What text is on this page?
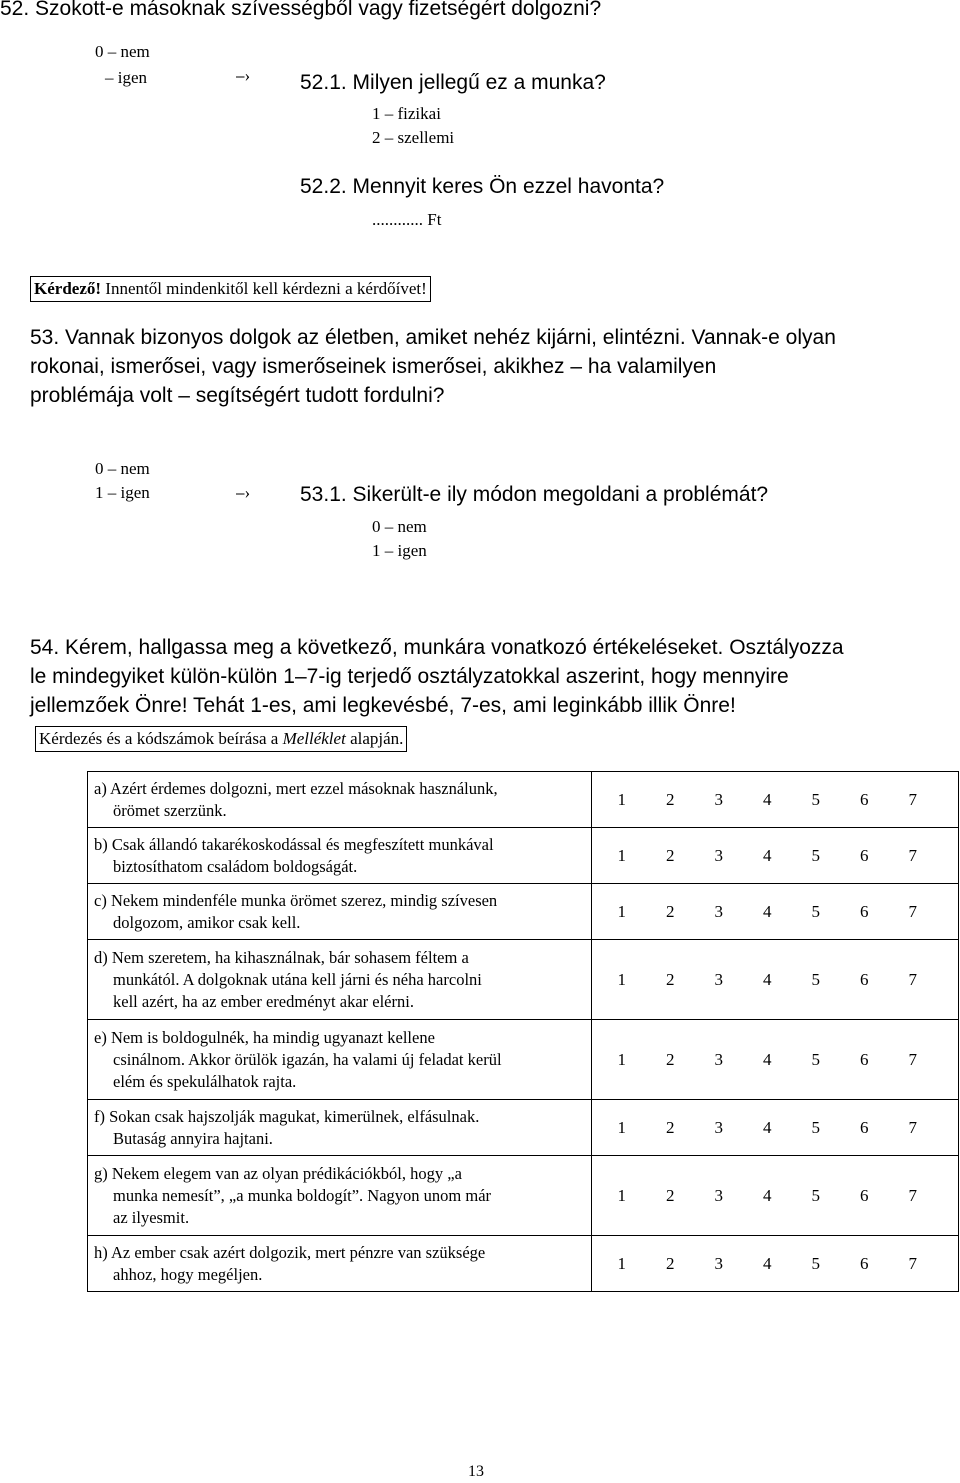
52. Szokott-e másoknak szívességből vagy fizetségért dolgozni?
0 – nem
– igen	⎯› 52.1. Milyen jellegű ez a munka?
1 – fizikai
2 – szellemi
52.2. Mennyit keres Ön ezzel havonta?
............ Ft
Kérdező! Innentől mindenkitől kell kérdezni a kérdőívet!
53. Vannak bizonyos dolgok az életben, amiket nehéz kijárni, elintézni. Vannak-e olyan
rokonai, ismerősei, vagy ismerőseinek ismerősei, akikhez – ha valamilyen
problémája volt – segítségért tudott fordulni?
0 – nem
1 – igen	⎯› 53.1. Sikerült-e ily módon megoldani a problémát?
0 – nem
1 – igen
54. Kérem, hallgassa meg a következő, munkára vonatkozó értékeléseket. Osztályozza
le mindegyiket külön-külön 1–7-ig terjedő osztályzatokkal aszerint, hogy mennyire
jellemzőek Önre! Tehát 1-es, ami legkevésbé, 7-es, ami leginkább illik Önre!
Kérdezés és a kódszámok beírása a Melléklet alapján.
a) Azért érdemes dolgozni, mert ezzel másoknak használunk,
örömet szerzünk.	1 2 3 4 5 6 7

b) Csak állandó takarékoskodással és megfeszített munkával
biztosíthatom családom boldogságát.	1 2 3 4 5 6 7

c) Nekem mindenféle munka örömet szerez, mindig szívesen
dolgozom, amikor csak kell.	1 2 3 4 5 6 7

d) Nem szeretem, ha kihasználnak, bár sohasem féltem a
munkától. A dolgoknak utána kell járni és néha harcolni
kell azért, ha az ember eredményt akar elérni.	1 2 3 4 5 6 7

e) Nem is boldogulnék, ha mindig ugyanazt kellene
csinálnom. Akkor örülök igazán, ha valami új feladat kerül
elém és spekulálhatok rajta.	1 2 3 4 5 6 7

f) Sokan csak hajszolják magukat, kimerülnek, elfásulnak.
Butaság annyira hajtani.	1 2 3 4 5 6 7

g) Nekem elegem van az olyan prédikációkból, hogy „a
munka nemesít”, „a munka boldogít”. Nagyon unom már
az ilyesmit.	1 2 3 4 5 6 7

h) Az ember csak azért dolgozik, mert pénzre van szüksége
ahhoz, hogy megéljen.	1 2 3 4 5 6 7
13
